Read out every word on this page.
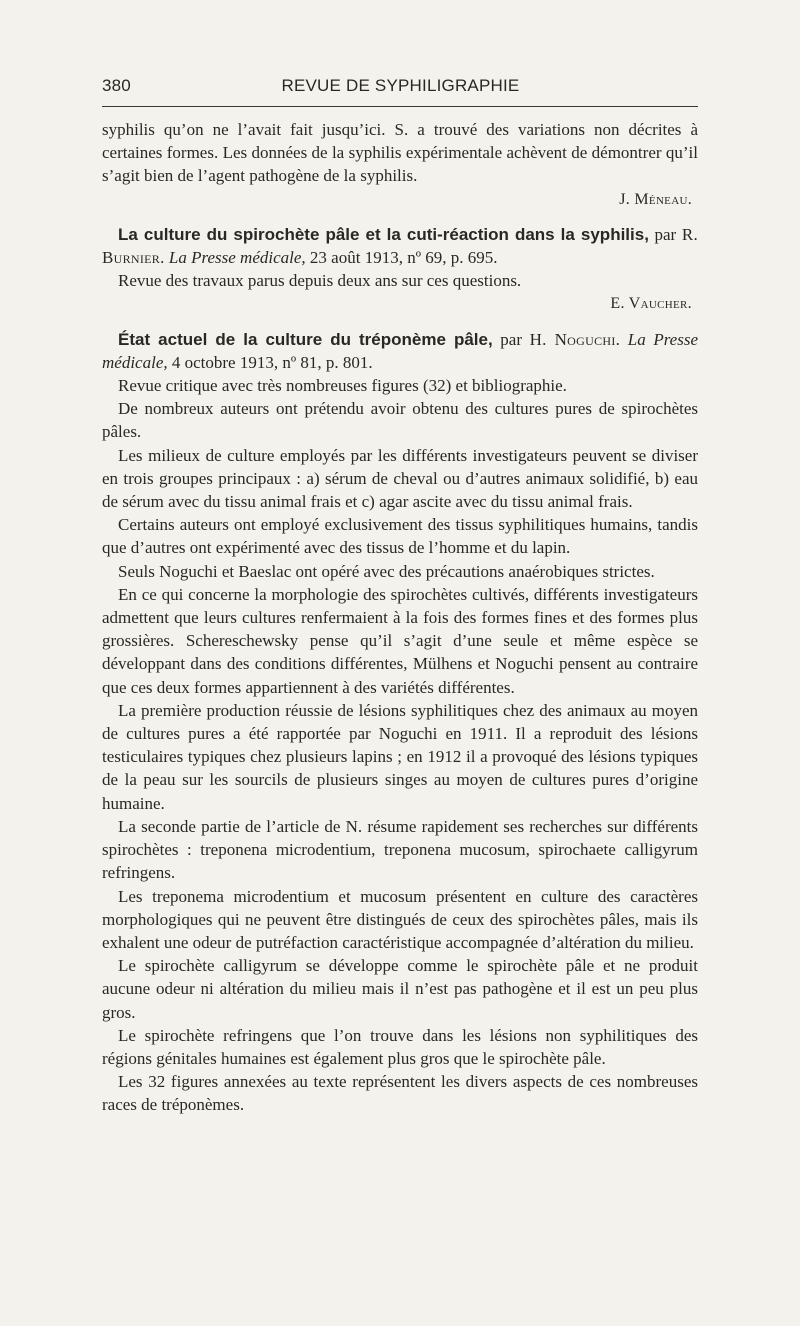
380	REVUE DE SYPHILIGRAPHIE

syphilis qu’on ne l’avait fait jusqu’ici. S. a trouvé des variations non décrites à certaines formes. Les données de la syphilis expérimentale achèvent de démontrer qu’il s’agit bien de l’agent pathogène de la syphilis.

J. Méneau.

La culture du spirochète pâle et la cuti-réaction dans la syphilis, par R. Burnier. La Presse médicale, 23 août 1913, nº 69, p. 695.

Revue des travaux parus depuis deux ans sur ces questions.

E. Vaucher.

État actuel de la culture du tréponème pâle, par H. Noguchi. La Presse médicale, 4 octobre 1913, nº 81, p. 801.

Revue critique avec très nombreuses figures (32) et bibliographie.

De nombreux auteurs ont prétendu avoir obtenu des cultures pures de spirochètes pâles.

Les milieux de culture employés par les différents investigateurs peuvent se diviser en trois groupes principaux : a) sérum de cheval ou d’autres animaux solidifié, b) eau de sérum avec du tissu animal frais et c) agar ascite avec du tissu animal frais.

Certains auteurs ont employé exclusivement des tissus syphilitiques humains, tandis que d’autres ont expérimenté avec des tissus de l’homme et du lapin.

Seuls Noguchi et Baeslac ont opéré avec des précautions anaérobiques strictes.

En ce qui concerne la morphologie des spirochètes cultivés, différents investigateurs admettent que leurs cultures renfermaient à la fois des formes fines et des formes plus grossières. Schereschewsky pense qu’il s’agit d’une seule et même espèce se développant dans des conditions différentes, Mülhens et Noguchi pensent au contraire que ces deux formes appartiennent à des variétés différentes.

La première production réussie de lésions syphilitiques chez des animaux au moyen de cultures pures a été rapportée par Noguchi en 1911. Il a reproduit des lésions testiculaires typiques chez plusieurs lapins ; en 1912 il a provoqué des lésions typiques de la peau sur les sourcils de plusieurs singes au moyen de cultures pures d’origine humaine.

La seconde partie de l’article de N. résume rapidement ses recherches sur différents spirochètes : treponena microdentium, treponena mucosum, spirochaete calligyrum refringens.

Les treponema microdentium et mucosum présentent en culture des caractères morphologiques qui ne peuvent être distingués de ceux des spirochètes pâles, mais ils exhalent une odeur de putréfaction caractéristique accompagnée d’altération du milieu.

Le spirochète calligyrum se développe comme le spirochète pâle et ne produit aucune odeur ni altération du milieu mais il n’est pas pathogène et il est un peu plus gros.

Le spirochète refringens que l’on trouve dans les lésions non syphilitiques des régions génitales humaines est également plus gros que le spirochète pâle.

Les 32 figures annexées au texte représentent les divers aspects de ces nombreuses races de tréponèmes.
